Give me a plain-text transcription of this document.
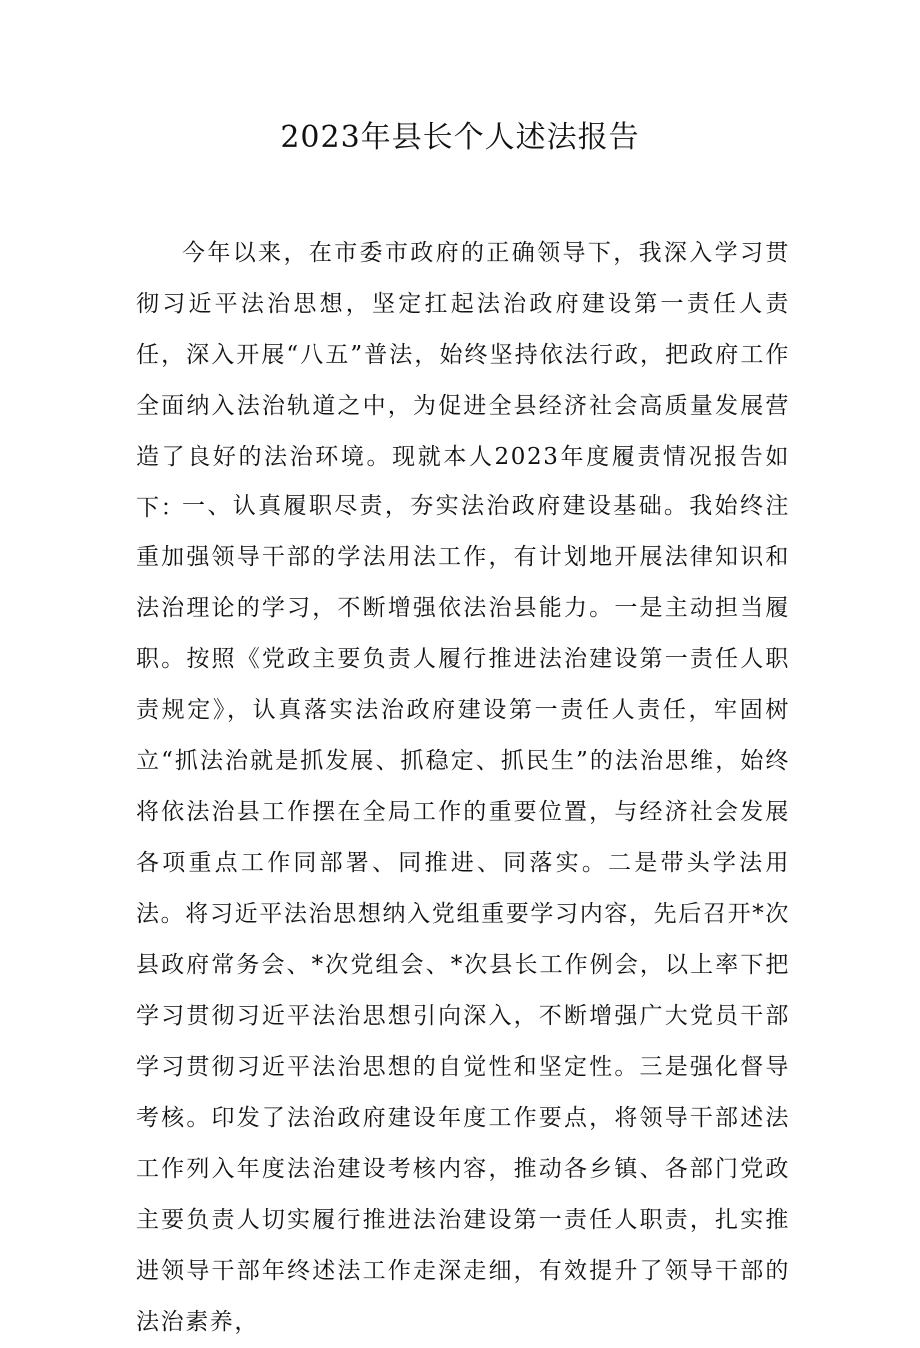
2023年县长个人述法报告

今年以来，在市委市政府的正确领导下，我深入学习贯彻习近平法治思想，坚定扛起法治政府建设第一责任人责任，深入开展“八五”普法，始终坚持依法行政，把政府工作全面纳入法治轨道之中，为促进全县经济社会高质量发展营造了良好的法治环境。现就本人2023年度履责情况报告如下：

一、认真履职尽责，夯实法治政府建设基础。我始终注重加强领导干部的学法用法工作，有计划地开展法律知识和法治理论的学习，不断增强依法治县能力。一是主动担当履职。按照《党政主要负责人履行推进法治建设第一责任人职责规定》，认真落实法治政府建设第一责任人责任，牢固树立“抓法治就是抓发展、抓稳定、抓民生”的法治思维，始终将依法治县工作摆在全局工作的重要位置，与经济社会发展各项重点工作同部署、同推进、同落实。二是带头学法用法。将习近平法治思想纳入党组重要学习内容，先后召开*次县政府常务会、*次党组会、*次县长工作例会，以上率下把学习贯彻习近平法治思想引向深入，不断增强广大党员干部学习贯彻习近平法治思想的自觉性和坚定性。三是强化督导考核。印发了法治政府建设年度工作要点，将领导干部述法工作列入年度法治建设考核内容，推动各乡镇、各部门党政主要负责人切实履行推进法治建设第一责任人职责，扎实推进领导干部年终述法工作走深走细，有效提升了领导干部的法治素养，
